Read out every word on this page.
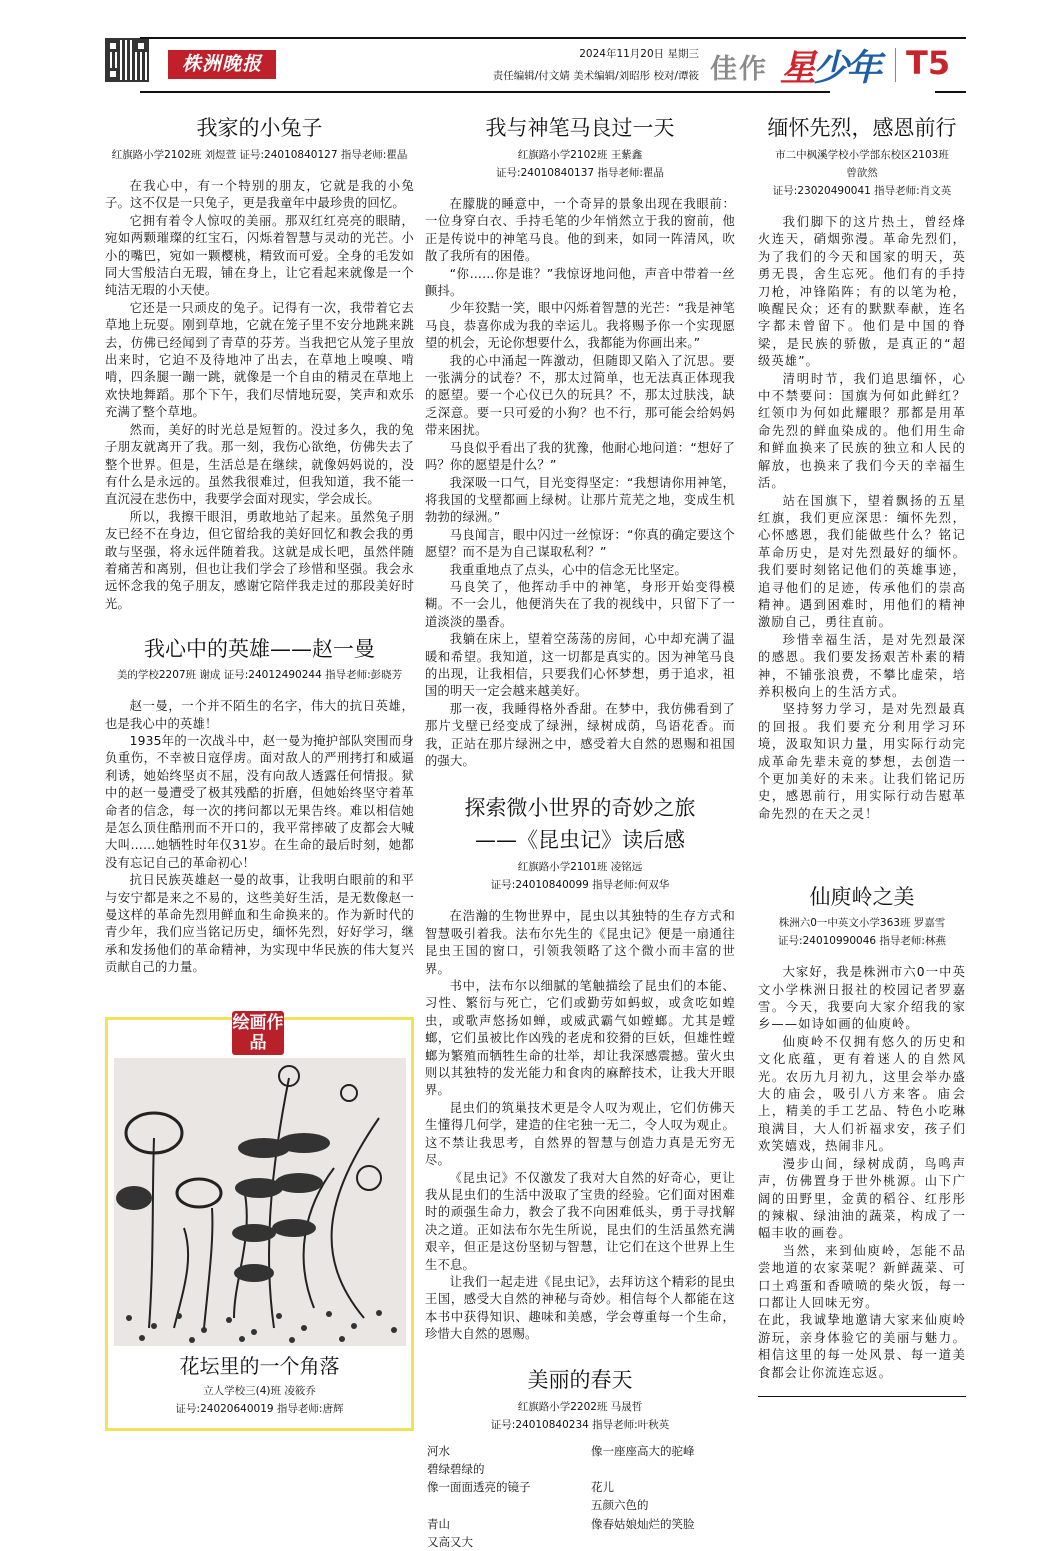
株洲晚报	2024年11月20日 星期三
责任编辑/付文婧 美术编辑/刘昭彤 校对/谭筱 佳作 星少年 T5
我家的小兔子
红旗路小学2102班 刘煜萱 证号:24010840127 指导老师:瞿晶

在我心中，有一个特别的朋友，它就是我的小兔子。这不仅是一只兔子，更是我童年中最珍贵的回忆。

它拥有着令人惊叹的美丽。那双红红亮亮的眼睛，宛如两颗璀璨的红宝石，闪烁着智慧与灵动的光芒。小小的嘴巴，宛如一颗樱桃，精致而可爱。全身的毛发如同大雪般洁白无瑕，铺在身上，让它看起来就像是一个纯洁无瑕的小天使。

它还是一只顽皮的兔子。记得有一次，我带着它去草地上玩耍。刚到草地，它就在笼子里不安分地跳来跳去，仿佛已经闻到了青草的芬芳。当我把它从笼子里放出来时，它迫不及待地冲了出去，在草地上嗅嗅、啃啃，四条腿一蹦一跳，就像是一个自由的精灵在草地上欢快地舞蹈。那个下午，我们尽情地玩耍，笑声和欢乐充满了整个草地。

然而，美好的时光总是短暂的。没过多久，我的兔子朋友就离开了我。那一刻，我伤心欲绝，仿佛失去了整个世界。但是，生活总是在继续，就像妈妈说的，没有什么是永远的。虽然我很难过，但我知道，我不能一直沉浸在悲伤中，我要学会面对现实，学会成长。

所以，我擦干眼泪，勇敢地站了起来。虽然兔子朋友已经不在身边，但它留给我的美好回忆和教会我的勇敢与坚强，将永远伴随着我。这就是成长吧，虽然伴随着痛苦和离别，但也让我们学会了珍惜和坚强。我会永远怀念我的兔子朋友，感谢它陪伴我走过的那段美好时光。

我心中的英雄——赵一曼
美的学校2207班 谢成 证号:24012490244 指导老师:彭晓芳

赵一曼，一个并不陌生的名字，伟大的抗日英雄，也是我心中的英雄！

1935年的一次战斗中，赵一曼为掩护部队突围而身负重伤，不幸被日寇俘虏。面对敌人的严刑拷打和威逼利诱，她始终坚贞不屈，没有向敌人透露任何情报。狱中的赵一曼遭受了极其残酷的折磨，但她始终坚守着革命者的信念，每一次的拷问都以无果告终。难以相信她是怎么顶住酷刑而不开口的，我平常摔破了皮都会大喊大叫……她牺牲时年仅31岁。在生命的最后时刻，她都没有忘记自己的革命初心！

抗日民族英雄赵一曼的故事，让我明白眼前的和平与安宁都是来之不易的，这些美好生活，是无数像赵一曼这样的革命先烈用鲜血和生命换来的。作为新时代的青少年，我们应当铭记历史，缅怀先烈，好好学习，继承和发扬他们的革命精神，为实现中华民族的伟大复兴贡献自己的力量。

绘画作品
花坛里的一个角落
立人学校三(4)班 凌筱乔
证号:24020640019 指导老师:唐辉
我与神笔马良过一天
红旗路小学2102班 王紫鑫
证号:24010840137 指导老师:瞿晶

在朦胧的睡意中，一个奇异的景象出现在我眼前：一位身穿白衣、手持毛笔的少年悄然立于我的窗前，他正是传说中的神笔马良。他的到来，如同一阵清风，吹散了我所有的困倦。

“你……你是谁？”我惊讶地问他，声音中带着一丝颤抖。

少年狡黠一笑，眼中闪烁着智慧的光芒：“我是神笔马良，恭喜你成为我的幸运儿。我将赐予你一个实现愿望的机会，无论你想要什么，我都能为你画出来。”

我的心中涌起一阵激动，但随即又陷入了沉思。要一张满分的试卷？不，那太过简单，也无法真正体现我的愿望。要一个心仪已久的玩具？不，那太过肤浅，缺乏深意。要一只可爱的小狗？也不行，那可能会给妈妈带来困扰。

马良似乎看出了我的犹豫，他耐心地问道：“想好了吗？你的愿望是什么？”

我深吸一口气，目光变得坚定：“我想请你用神笔，将我国的戈壁都画上绿树。让那片荒芜之地，变成生机勃勃的绿洲。”

马良闻言，眼中闪过一丝惊讶：“你真的确定要这个愿望？而不是为自己谋取私利？”

我重重地点了点头，心中的信念无比坚定。

马良笑了，他挥动手中的神笔，身形开始变得模糊。不一会儿，他便消失在了我的视线中，只留下了一道淡淡的墨香。

我躺在床上，望着空荡荡的房间，心中却充满了温暖和希望。我知道，这一切都是真实的。因为神笔马良的出现，让我相信，只要我们心怀梦想，勇于追求，祖国的明天一定会越来越美好。

那一夜，我睡得格外香甜。在梦中，我仿佛看到了那片戈壁已经变成了绿洲，绿树成荫，鸟语花香。而我，正站在那片绿洲之中，感受着大自然的恩赐和祖国的强大。

探索微小世界的奇妙之旅
——《昆虫记》读后感
红旗路小学2101班 凌铭远
证号:24010840099 指导老师:何双华

在浩瀚的生物世界中，昆虫以其独特的生存方式和智慧吸引着我。法布尔先生的《昆虫记》便是一扇通往昆虫王国的窗口，引领我领略了这个微小而丰富的世界。

书中，法布尔以细腻的笔触描绘了昆虫们的本能、习性、繁衍与死亡，它们或勤劳如蚂蚁，或贪吃如蝗虫，或歌声悠扬如蝉，或威武霸气如螳螂。尤其是螳螂，它们虽被比作凶残的老虎和狡猾的巨妖，但雄性螳螂为繁殖而牺牲生命的壮举，却让我深感震撼。萤火虫则以其独特的发光能力和食肉的麻醉技术，让我大开眼界。

昆虫们的筑巢技术更是令人叹为观止，它们仿佛天生懂得几何学，建造的住宅独一无二，令人叹为观止。这不禁让我思考，自然界的智慧与创造力真是无穷无尽。

《昆虫记》不仅激发了我对大自然的好奇心，更让我从昆虫们的生活中汲取了宝贵的经验。它们面对困难时的顽强生命力，教会了我不向困难低头，勇于寻找解决之道。正如法布尔先生所说，昆虫们的生活虽然充满艰辛，但正是这份坚韧与智慧，让它们在这个世界上生生不息。

让我们一起走进《昆虫记》，去拜访这个精彩的昆虫王国，感受大自然的神秘与奇妙。相信每个人都能在这本书中获得知识、趣味和美感，学会尊重每一个生命，珍惜大自然的恩赐。

美丽的春天
红旗路小学2202班 马晟哲
证号:24010840234 指导老师:叶秋英
河水
碧绿碧绿的
像一面面透亮的镜子

青山
又高又大
像一座座高大的驼峰

花儿
五颜六色的
像春姑娘灿烂的笑脸
缅怀先烈，感恩前行
市二中枫溪学校小学部东校区2103班
曾歆然
证号:23020490041 指导老师:肖文英

我们脚下的这片热土，曾经烽火连天，硝烟弥漫。革命先烈们，为了我们的今天和国家的明天，英勇无畏，舍生忘死。他们有的手持刀枪，冲锋陷阵；有的以笔为枪，唤醒民众；还有的默默奉献，连名字都未曾留下。他们是中国的脊梁，是民族的骄傲，是真正的“超级英雄”。

清明时节，我们追思缅怀，心中不禁要问：国旗为何如此鲜红？红领巾为何如此耀眼？那都是用革命先烈的鲜血染成的。他们用生命和鲜血换来了民族的独立和人民的解放，也换来了我们今天的幸福生活。

站在国旗下，望着飘扬的五星红旗，我们更应深思：缅怀先烈，心怀感恩，我们能做些什么？铭记革命历史，是对先烈最好的缅怀。我们要时刻铭记他们的英雄事迹，追寻他们的足迹，传承他们的崇高精神。遇到困难时，用他们的精神激励自己，勇往直前。

珍惜幸福生活，是对先烈最深的感恩。我们要发扬艰苦朴素的精神，不铺张浪费，不攀比虚荣，培养积极向上的生活方式。

坚持努力学习，是对先烈最真的回报。我们要充分利用学习环境，汲取知识力量，用实际行动完成革命先辈未竟的梦想，去创造一个更加美好的未来。让我们铭记历史，感恩前行，用实际行动告慰革命先烈的在天之灵！

仙庾岭之美
株洲六0一中英文小学363班 罗嘉雪
证号:24010990046 指导老师:林燕

大家好，我是株洲市六0一中英文小学株洲日报社的校园记者罗嘉雪。今天，我要向大家介绍我的家乡——如诗如画的仙庾岭。

仙庾岭不仅拥有悠久的历史和文化底蕴，更有着迷人的自然风光。农历九月初九，这里会举办盛大的庙会，吸引八方来客。庙会上，精美的手工艺品、特色小吃琳琅满目，大人们祈福求安，孩子们欢笑嬉戏，热闹非凡。

漫步山间，绿树成荫，鸟鸣声声，仿佛置身于世外桃源。山下广阔的田野里，金黄的稻谷、红彤彤的辣椒、绿油油的蔬菜，构成了一幅丰收的画卷。

当然，来到仙庾岭，怎能不品尝地道的农家菜呢？新鲜蔬菜、可口土鸡蛋和香喷喷的柴火饭，每一口都让人回味无穷。

在此，我诚挚地邀请大家来仙庾岭游玩，亲身体验它的美丽与魅力。相信这里的每一处风景、每一道美食都会让你流连忘返。
